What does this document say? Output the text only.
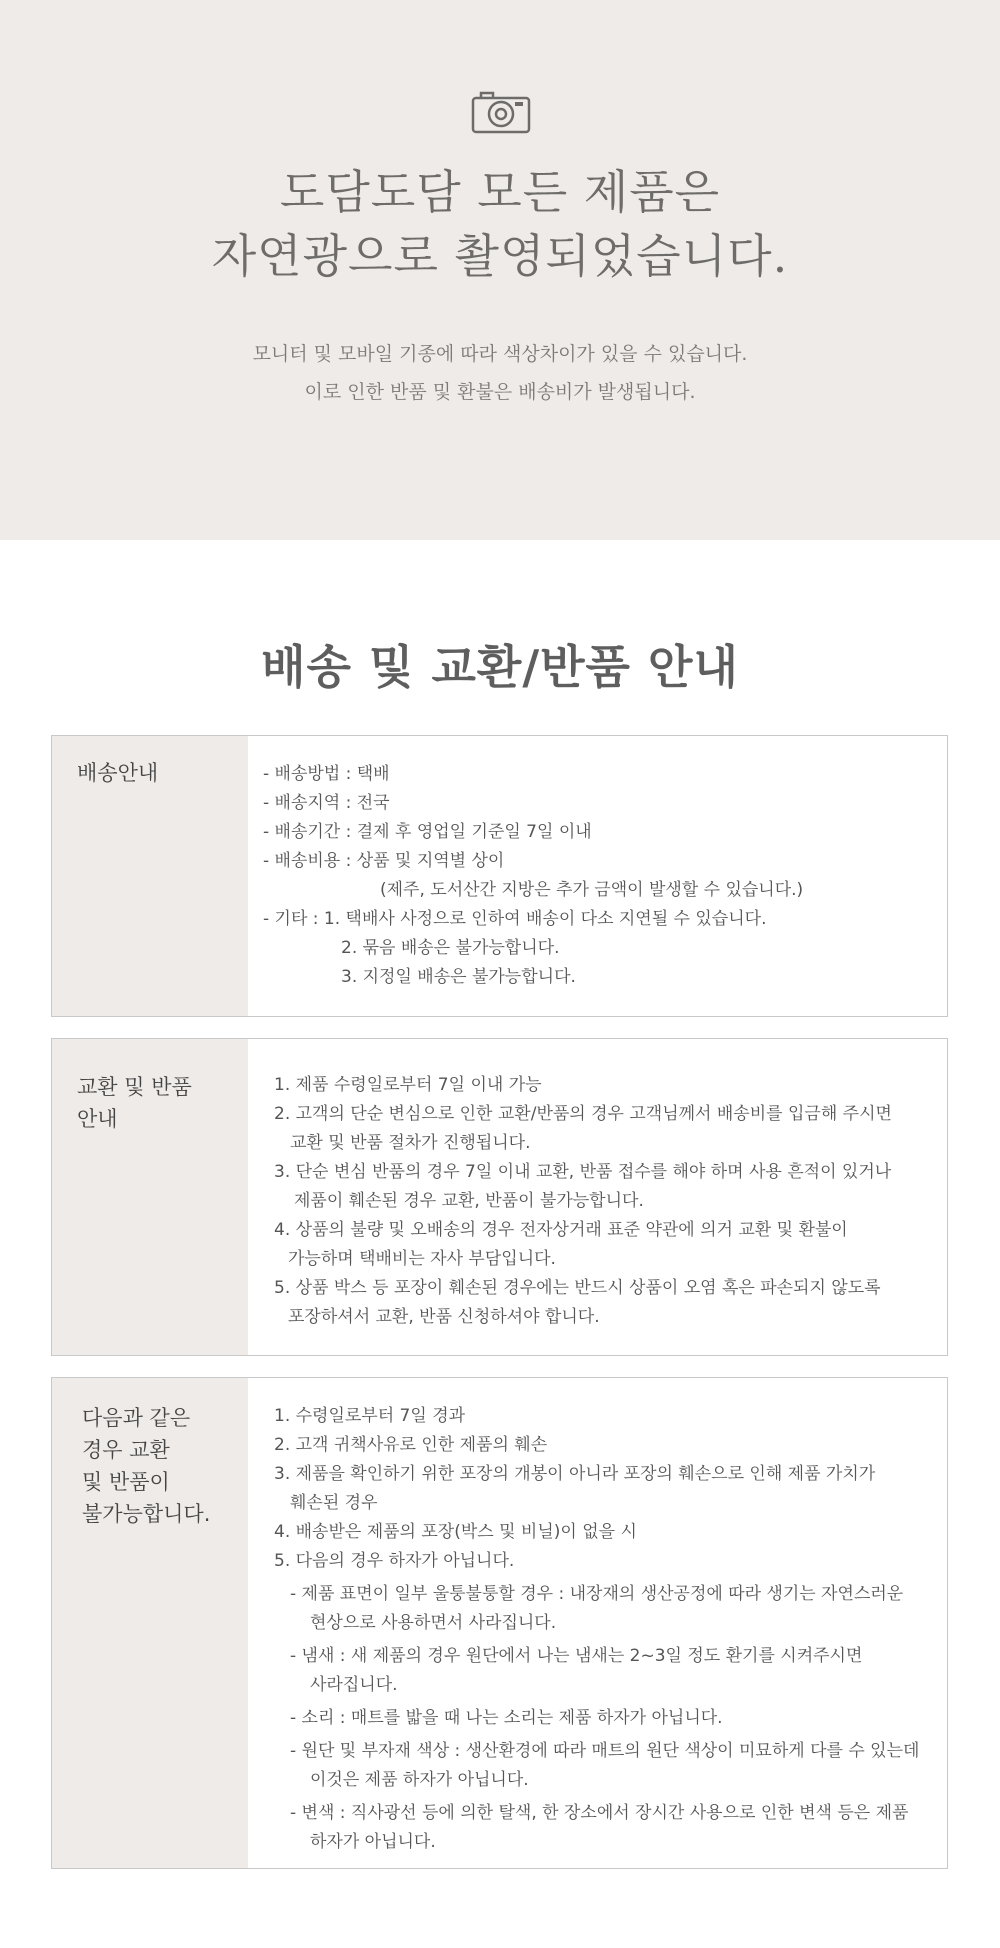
도담도담 모든 제품은
자연광으로 촬영되었습니다.
모니터 및 모바일 기종에 따라 색상차이가 있을 수 있습니다.
이로 인한 반품 및 환불은 배송비가 발생됩니다.
배송 및 교환/반품 안내
배송안내	- 배송방법 : 택배
- 배송지역 : 전국
- 배송기간 : 결제 후 영업일 기준일 7일 이내
- 배송비용 : 상품 및 지역별 상이
(제주, 도서산간 지방은 추가 금액이 발생할 수 있습니다.)
- 기타 : 1. 택배사 사정으로 인하여 배송이 다소 지연될 수 있습니다.
2. 묶음 배송은 불가능합니다.
3. 지정일 배송은 불가능합니다.
교환 및 반품
안내
1. 제품 수령일로부터 7일 이내 가능
2. 고객의 단순 변심으로 인한 교환/반품의 경우 고객님께서 배송비를 입금해 주시면
교환 및 반품 절차가 진행됩니다.
3. 단순 변심 반품의 경우 7일 이내 교환, 반품 접수를 해야 하며 사용 흔적이 있거나
제품이 훼손된 경우 교환, 반품이 불가능합니다.
4. 상품의 불량 및 오배송의 경우 전자상거래 표준 약관에 의거 교환 및 환불이
가능하며 택배비는 자사 부담입니다.
5. 상품 박스 등 포장이 훼손된 경우에는 반드시 상품이 오염 혹은 파손되지 않도록
포장하셔서 교환, 반품 신청하셔야 합니다.
다음과 같은
경우 교환
및 반품이
불가능합니다.
1. 수령일로부터 7일 경과
2. 고객 귀책사유로 인한 제품의 훼손
3. 제품을 확인하기 위한 포장의 개봉이 아니라 포장의 훼손으로 인해 제품 가치가
훼손된 경우
4. 배송받은 제품의 포장(박스 및 비닐)이 없을 시
5. 다음의 경우 하자가 아닙니다.
- 제품 표면이 일부 울퉁불퉁할 경우 : 내장재의 생산공정에 따라 생기는 자연스러운
현상으로 사용하면서 사라집니다.
- 냄새 : 새 제품의 경우 원단에서 나는 냄새는 2~3일 정도 환기를 시켜주시면
사라집니다.
- 소리 : 매트를 밟을 때 나는 소리는 제품 하자가 아닙니다.
- 원단 및 부자재 색상 : 생산환경에 따라 매트의 원단 색상이 미묘하게 다를 수 있는데
이것은 제품 하자가 아닙니다.
- 변색 : 직사광선 등에 의한 탈색, 한 장소에서 장시간 사용으로 인한 변색 등은 제품
하자가 아닙니다.
